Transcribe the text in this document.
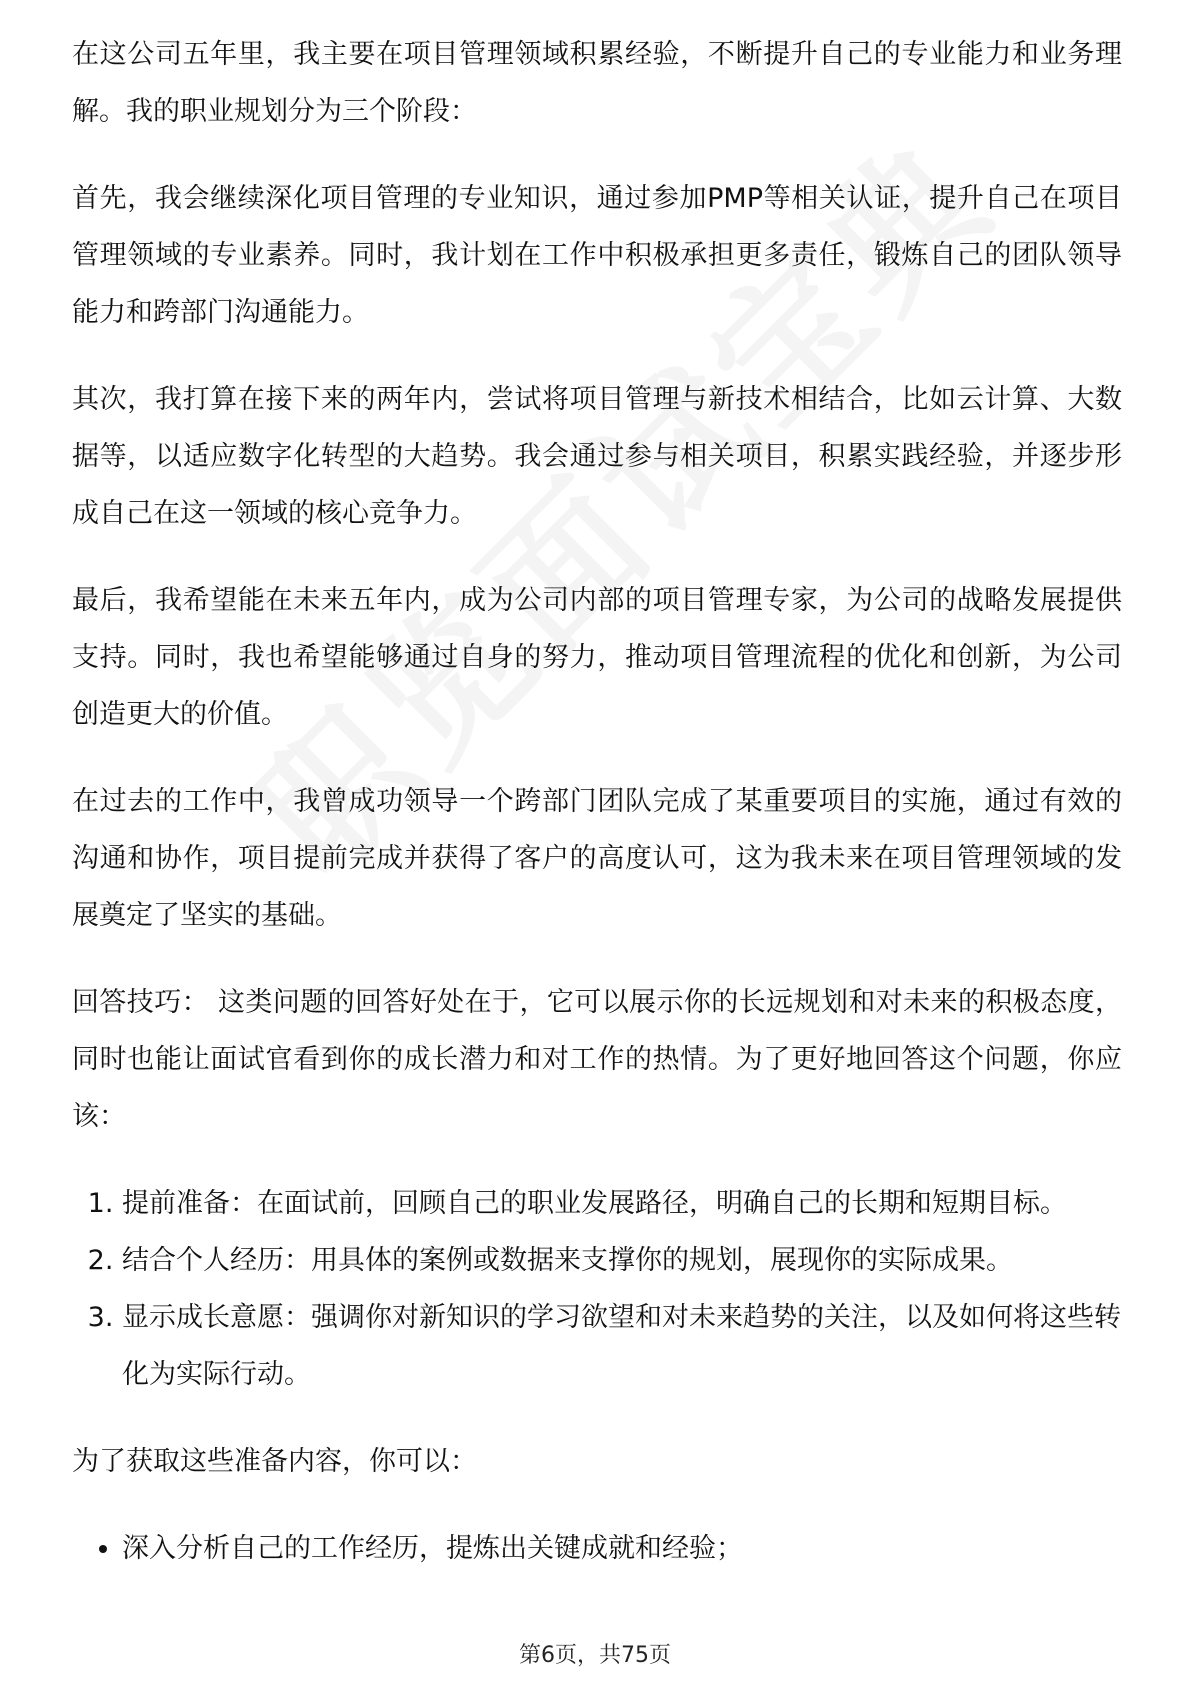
在这公司五年里，我主要在项目管理领域积累经验，不断提升自己的专业能力和业务理解。我的职业规划分为三个阶段：

首先，我会继续深化项目管理的专业知识，通过参加PMP等相关认证，提升自己在项目管理领域的专业素养。同时，我计划在工作中积极承担更多责任，锻炼自己的团队领导能力和跨部门沟通能力。

其次，我打算在接下来的两年内，尝试将项目管理与新技术相结合，比如云计算、大数据等，以适应数字化转型的大趋势。我会通过参与相关项目，积累实践经验，并逐步形成自己在这一领域的核心竞争力。

最后，我希望能在未来五年内，成为公司内部的项目管理专家，为公司的战略发展提供支持。同时，我也希望能够通过自身的努力，推动项目管理流程的优化和创新，为公司创造更大的价值。

在过去的工作中，我曾成功领导一个跨部门团队完成了某重要项目的实施，通过有效的沟通和协作，项目提前完成并获得了客户的高度认可，这为我未来在项目管理领域的发展奠定了坚实的基础。

回答技巧： 这类问题的回答好处在于，它可以展示你的长远规划和对未来的积极态度，同时也能让面试官看到你的成长潜力和对工作的热情。为了更好地回答这个问题，你应该：

1. 提前准备：在面试前，回顾自己的职业发展路径，明确自己的长期和短期目标。
2. 结合个人经历：用具体的案例或数据来支撑你的规划，展现你的实际成果。
3. 显示成长意愿：强调你对新知识的学习欲望和对未来趋势的关注，以及如何将这些转化为实际行动。

为了获取这些准备内容，你可以：

• 深入分析自己的工作经历，提炼出关键成就和经验；
第6页，共75页
